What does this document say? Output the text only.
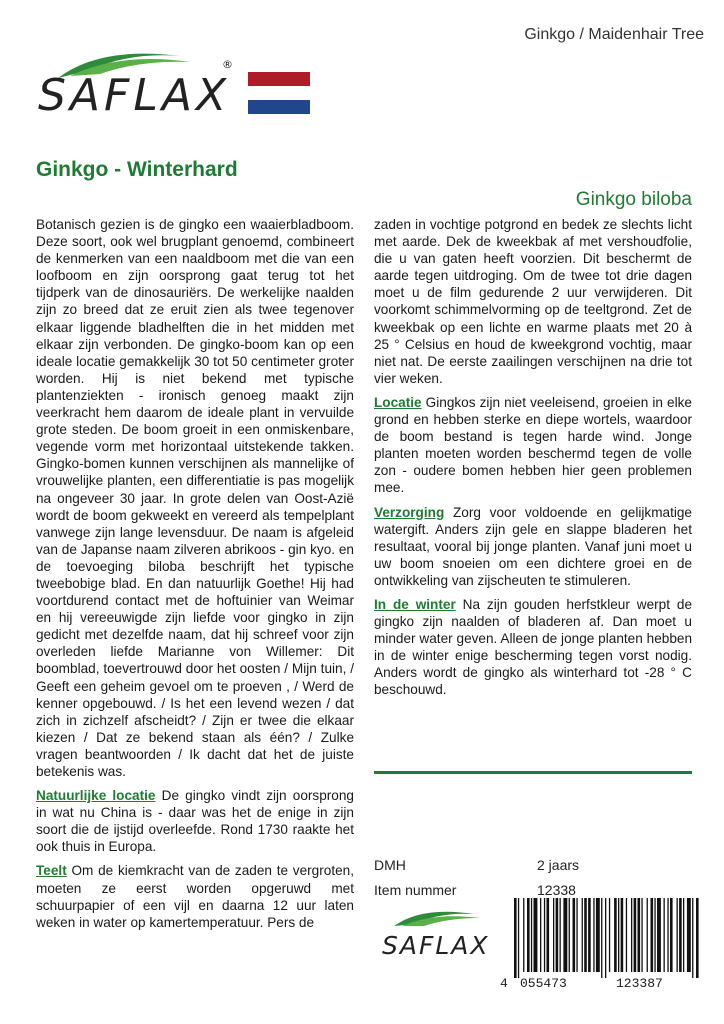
Ginkgo / Maidenhair Tree
SAFLAX
®
Ginkgo - Winterhard
Ginkgo biloba

Botanisch gezien is de gingko een waaierbladboom. Deze soort, ook wel brugplant genoemd, combineert de kenmerken van een naaldboom met die van een loofboom en zijn oorsprong gaat terug tot het tijdperk van de dinosauriërs. De werkelijke naalden zijn zo breed dat ze eruit zien als twee tegenover elkaar liggende bladhelften die in het midden met elkaar zijn verbonden. De gingko-boom kan op een ideale locatie gemakkelijk 30 tot 50 centimeter groter worden. Hij is niet bekend met typische plantenziekten - ironisch genoeg maakt zijn veerkracht hem daarom de ideale plant in vervuilde grote steden. De boom groeit in een onmiskenbare, vegende vorm met horizontaal uitstekende takken. Gingko-bomen kunnen verschijnen als mannelijke of vrouwelijke planten, een differentiatie is pas mogelijk na ongeveer 30 jaar. In grote delen van Oost-Azië wordt de boom gekweekt en vereerd als tempelplant vanwege zijn lange levensduur. De naam is afgeleid van de Japanse naam zilveren abrikoos - gin kyo. en de toevoeging biloba beschrijft het typische tweebobige blad. En dan natuurlijk Goethe! Hij had voortdurend contact met de hoftuinier van Weimar en hij vereeuwigde zijn liefde voor gingko in zijn gedicht met dezelfde naam, dat hij schreef voor zijn overleden liefde Marianne von Willemer: Dit boomblad, toevertrouwd door het oosten / Mijn tuin, / Geeft een geheim gevoel om te proeven , / Werd de kenner opgebouwd. / Is het een levend wezen / dat zich in zichzelf afscheidt? / Zijn er twee die elkaar kiezen / Dat ze bekend staan als één? / Zulke vragen beantwoorden / Ik dacht dat het de juiste betekenis was.

Natuurlijke locatie De gingko vindt zijn oorsprong in wat nu China is - daar was het de enige in zijn soort die de ijstijd overleefde. Rond 1730 raakte het ook thuis in Europa.

Teelt Om de kiemkracht van de zaden te vergroten, moeten ze eerst worden opgeruwd met schuurpapier of een vijl en daarna 12 uur laten weken in water op kamertemperatuur. Pers de

zaden in vochtige potgrond en bedek ze slechts licht met aarde. Dek de kweekbak af met vershoudfolie, die u van gaten heeft voorzien. Dit beschermt de aarde tegen uitdroging. Om de twee tot drie dagen moet u de film gedurende 2 uur verwijderen. Dit voorkomt schimmelvorming op de teeltgrond. Zet de kweekbak op een lichte en warme plaats met 20 à 25 ° Celsius en houd de kweekgrond vochtig, maar niet nat. De eerste zaailingen verschijnen na drie tot vier weken.

Locatie Gingkos zijn niet veeleisend, groeien in elke grond en hebben sterke en diepe wortels, waardoor de boom bestand is tegen harde wind. Jonge planten moeten worden beschermd tegen de volle zon - oudere bomen hebben hier geen problemen mee.

Verzorging Zorg voor voldoende en gelijkmatige watergift. Anders zijn gele en slappe bladeren het resultaat, vooral bij jonge planten. Vanaf juni moet u uw boom snoeien om een dichtere groei en de ontwikkeling van zijscheuten te stimuleren.

In de winter Na zijn gouden herfstkleur werpt de gingko zijn naalden of bladeren af. Dan moet u minder water geven. Alleen de jonge planten hebben in de winter enige bescherming tegen vorst nodig. Anders wordt de gingko als winterhard tot -28 ° C beschouwd.

DMH	2 jaars
Item nummer	12338
SAFLAX
4 055473	123387
